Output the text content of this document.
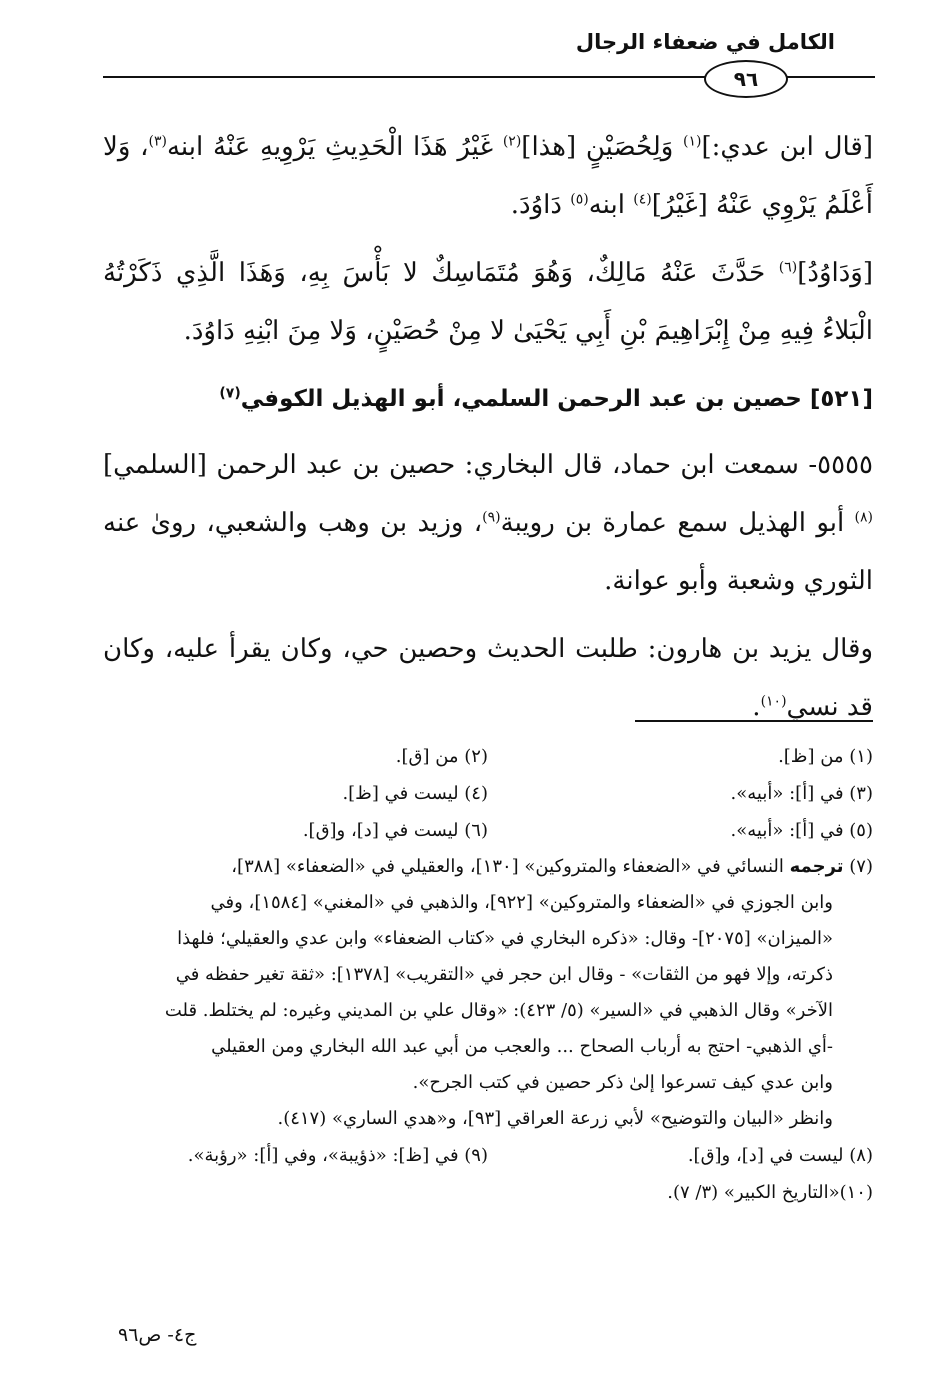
الكامل في ضعفاء الرجال
٩٦

[قال ابن عدي:]$^{(١)}$ وَلِحُصَيْنٍ [هذا]$^{(٢)}$ غَيْرُ هَذَا الْحَدِيثِ يَرْوِيهِ عَنْهُ ابنه$^{(٣)}$، وَلا أَعْلَمُ يَرْوِي عَنْهُ [غَيْرُ]$^{(٤)}$ ابنه$^{(٥)}$ دَاوُدَ.

[وَدَاوُدُ]$^{(٦)}$ حَدَّثَ عَنْهُ مَالِكٌ، وَهُوَ مُتَمَاسِكٌ لا بَأْسَ بِهِ، وَهَذَا الَّذِي ذَكَرْتُهُ الْبَلاءُ فِيهِ مِنْ إِبْرَاهِيمَ بْنِ أَبِي يَحْيَىٰ لا مِنْ حُصَيْنٍ، وَلا مِنَ ابْنِهِ دَاوُدَ.

[٥٢١] حصين بن عبد الرحمن السلمي، أبو الهذيل الكوفي$^{(٧)}$

٥٥٥٥- سمعت ابن حماد، قال البخاري: حصين بن عبد الرحمن [السلمي]$^{(٨)}$ أبو الهذيل سمع عمارة بن رويبة$^{(٩)}$، وزيد بن وهب والشعبي، روىٰ عنه الثوري وشعبة وأبو عوانة.

وقال يزيد بن هارون: طلبت الحديث وحصين حي، وكان يقرأ عليه، وكان قد نسي$^{(١٠)}$.

(١) من [ظ].
(٢) من [ق].
(٣) في [أ]: «أبيه».
(٤) ليست في [ظ].
(٥) في [أ]: «أبيه».
(٦) ليست في [د]، و[ق].
(٧) ترجمه النسائي في «الضعفاء والمتروكين» [١٣٠]، والعقيلي في «الضعفاء» [٣٨٨]،
وابن الجوزي في «الضعفاء والمتروكين» [٩٢٢]، والذهبي في «المغني» [١٥٨٤]، وفي
«الميزان» [٢٠٧٥]- وقال: «ذكره البخاري في «كتاب الضعفاء» وابن عدي والعقيلي؛ فلهذا
ذكرته، وإلا فهو من الثقات» - وقال ابن حجر في «التقريب» [١٣٧٨]: «ثقة تغير حفظه في
الآخر» وقال الذهبي في «السير» (٥/ ٤٢٣): «وقال علي بن المديني وغيره: لم يختلط. قلت
-أي الذهبي- احتج به أرباب الصحاح ... والعجب من أبي عبد الله البخاري ومن العقيلي
وابن عدي كيف تسرعوا إلىٰ ذكر حصين في كتب الجرح».
وانظر «البيان والتوضيح» لأبي زرعة العراقي [٩٣]، و«هدي الساري» (٤١٧).
(٨) ليست في [د]، و[ق].
(٩) في [ظ]: «ذؤيبة»، وفي [أ]: «رؤبة».
(١٠)«التاريخ الكبير» (٣/ ٧).
ج٤- ص٩٦
